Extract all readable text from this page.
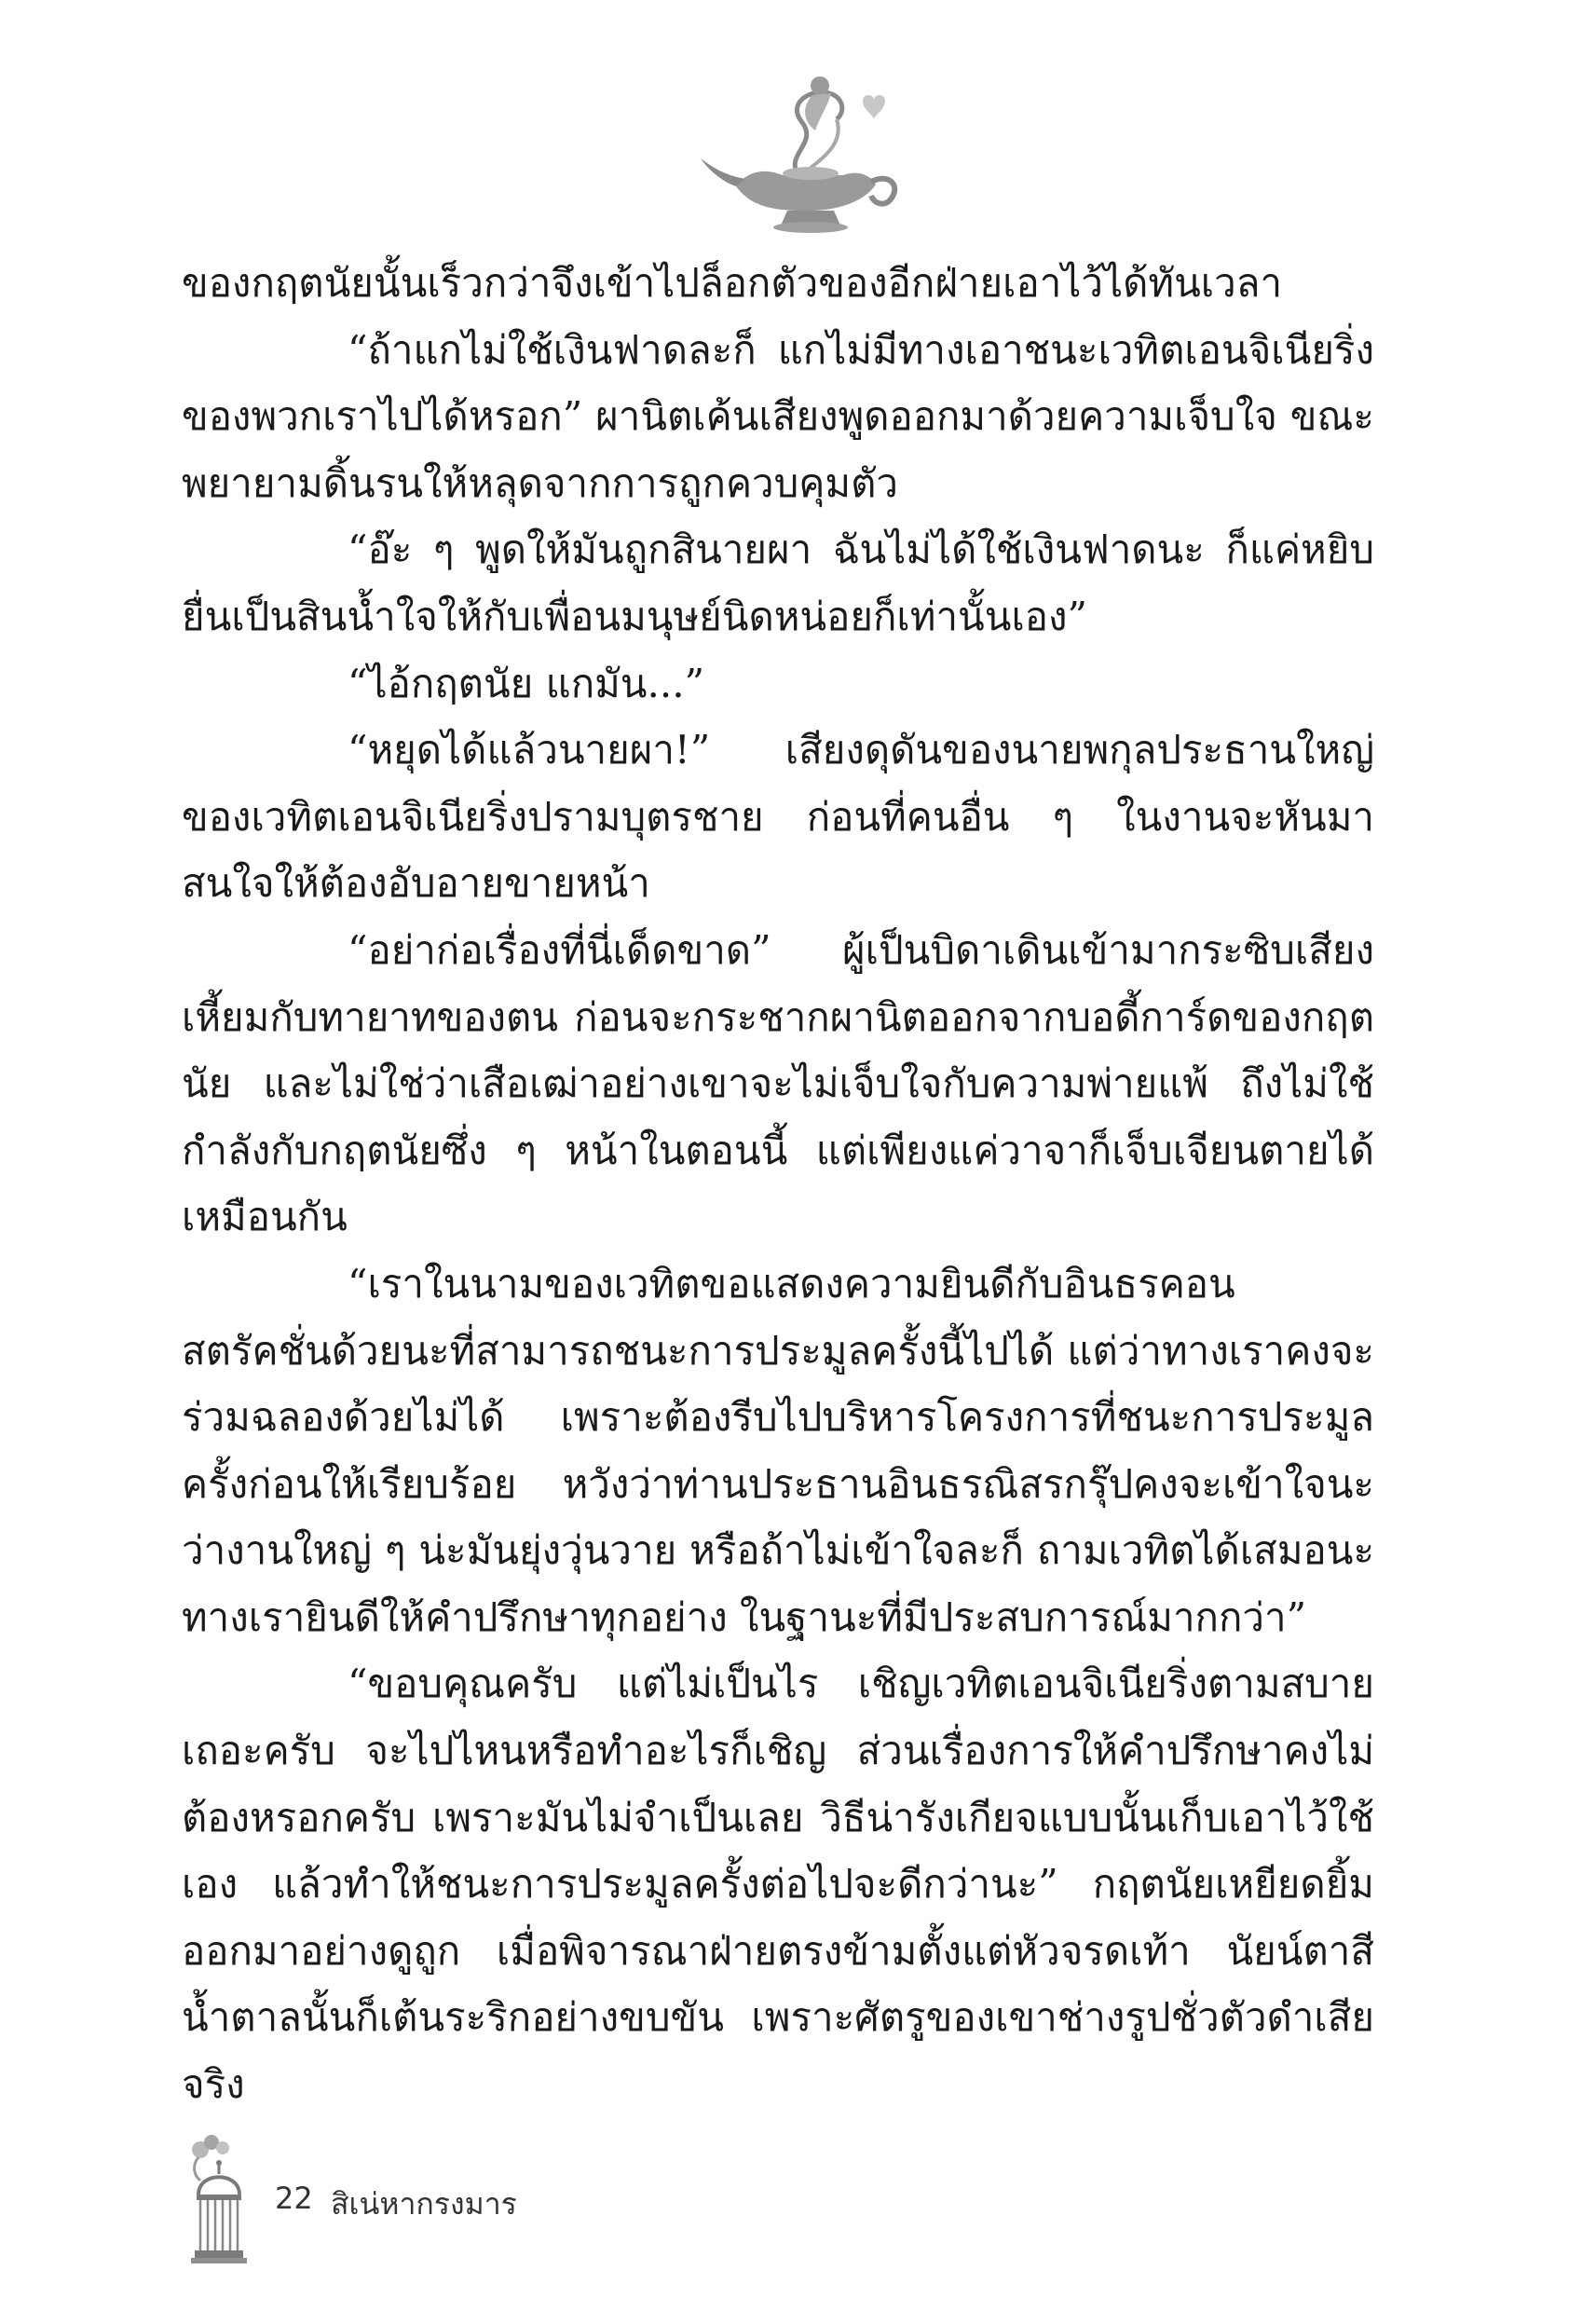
ของกฤตนัยนั้นเร็วกว่าจึงเข้าไปล็อกตัวของอีกฝ่ายเอาไว้ได้ทันเวลา

“ถ้าแกไม่ใช้เงินฟาดละก็ แกไม่มีทางเอาชนะเวทิตเอนจิเนียริ่งของพวกเราไปได้หรอก” ผานิตเค้นเสียงพูดออกมาด้วยความเจ็บใจ ขณะพยายามดิ้นรนให้หลุดจากการถูกควบคุมตัว

“อ๊ะ ๆ พูดให้มันถูกสินายผา ฉันไม่ได้ใช้เงินฟาดนะ ก็แค่หยิบยื่นเป็นสินน้ำใจให้กับเพื่อนมนุษย์นิดหน่อยก็เท่านั้นเอง”

“ไอ้กฤตนัย แกมัน...”

“หยุดได้แล้วนายผา!” เสียงดุดันของนายพกุลประธานใหญ่ของเวทิตเอนจิเนียริ่งปรามบุตรชาย ก่อนที่คนอื่น ๆ ในงานจะหันมาสนใจให้ต้องอับอายขายหน้า

“อย่าก่อเรื่องที่นี่เด็ดขาด” ผู้เป็นบิดาเดินเข้ามากระซิบเสียงเหี้ยมกับทายาทของตน ก่อนจะกระชากผานิตออกจากบอดี้การ์ดของกฤตนัย และไม่ใช่ว่าเสือเฒ่าอย่างเขาจะไม่เจ็บใจกับความพ่ายแพ้ ถึงไม่ใช้กำลังกับกฤตนัยซึ่ง ๆ หน้าในตอนนี้ แต่เพียงแค่วาจาก็เจ็บเจียนตายได้เหมือนกัน

“เราในนามของเวทิตขอแสดงความยินดีกับอินธรคอนสตรัคชั่นด้วยนะที่สามารถชนะการประมูลครั้งนี้ไปได้ แต่ว่าทางเราคงจะร่วมฉลองด้วยไม่ได้ เพราะต้องรีบไปบริหารโครงการที่ชนะการประมูลครั้งก่อนให้เรียบร้อย หวังว่าท่านประธานอินธรณิสรกรุ๊ปคงจะเข้าใจนะว่างานใหญ่ ๆ น่ะมันยุ่งวุ่นวาย หรือถ้าไม่เข้าใจละก็ ถามเวทิตได้เสมอนะ ทางเรายินดีให้คำปรึกษาทุกอย่าง ในฐานะที่มีประสบการณ์มากกว่า”

“ขอบคุณครับ แต่ไม่เป็นไร เชิญเวทิตเอนจิเนียริ่งตามสบายเถอะครับ จะไปไหนหรือทำอะไรก็เชิญ ส่วนเรื่องการให้คำปรึกษาคงไม่ต้องหรอกครับ เพราะมันไม่จำเป็นเลย วิธีน่ารังเกียจแบบนั้นเก็บเอาไว้ใช้เอง แล้วทำให้ชนะการประมูลครั้งต่อไปจะดีกว่านะ” กฤตนัยเหยียดยิ้มออกมาอย่างดูถูก เมื่อพิจารณาฝ่ายตรงข้ามตั้งแต่หัวจรดเท้า นัยน์ตาสีน้ำตาลนั้นก็เต้นระริกอย่างขบขัน เพราะศัตรูของเขาช่างรูปชั่วตัวดำเสียจริง

22 สิเน่หากรงมาร
